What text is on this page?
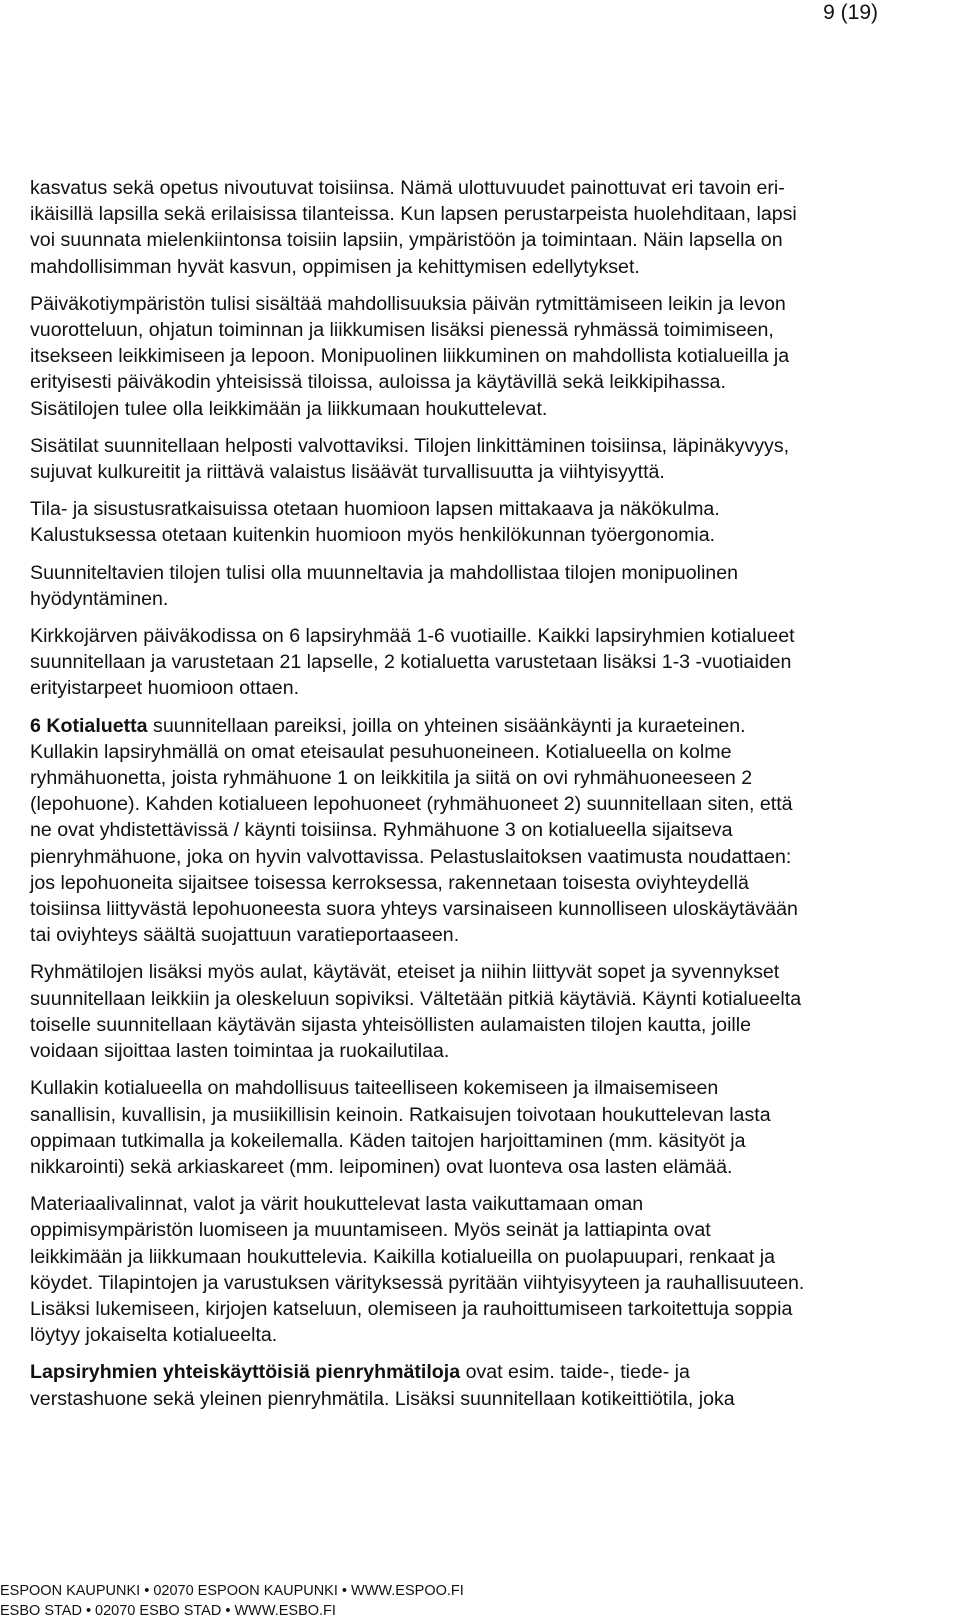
9 (19)

kasvatus sekä opetus nivoutuvat toisiinsa. Nämä ulottuvuudet painottuvat eri tavoin eri-
ikäisillä lapsilla sekä erilaisissa tilanteissa. Kun lapsen perustarpeista huolehditaan, lapsi
voi suunnata mielenkiintonsa toisiin lapsiin, ympäristöön ja toimintaan. Näin lapsella on
mahdollisimman hyvät kasvun, oppimisen ja kehittymisen edellytykset.

Päiväkotiympäristön tulisi sisältää mahdollisuuksia päivän rytmittämiseen leikin ja levon
vuorotteluun, ohjatun toiminnan ja liikkumisen lisäksi pienessä ryhmässä toimimiseen,
itsekseen leikkimiseen ja lepoon. Monipuolinen liikkuminen on mahdollista kotialueilla ja
erityisesti päiväkodin yhteisissä tiloissa, auloissa ja käytävillä sekä leikkipihassa.
Sisätilojen tulee olla leikkimään ja liikkumaan houkuttelevat.

Sisätilat suunnitellaan helposti valvottaviksi. Tilojen linkittäminen toisiinsa, läpinäkyvyys,
sujuvat kulkureitit ja riittävä valaistus lisäävät turvallisuutta ja viihtyisyyttä.

Tila- ja sisustusratkaisuissa otetaan huomioon lapsen mittakaava ja näkökulma.
Kalustuksessa otetaan kuitenkin huomioon myös henkilökunnan työergonomia.

Suunniteltavien tilojen tulisi olla muunneltavia ja mahdollistaa tilojen monipuolinen
hyödyntäminen.

Kirkkojärven päiväkodissa on 6 lapsiryhmää 1-6 vuotiaille. Kaikki lapsiryhmien kotialueet
suunnitellaan ja varustetaan 21 lapselle, 2 kotialuetta varustetaan lisäksi 1-3 -vuotiaiden
erityistarpeet huomioon ottaen.

6 Kotialuetta suunnitellaan pareiksi, joilla on yhteinen sisäänkäynti ja kuraeteinen.
Kullakin lapsiryhmällä on omat eteisaulat pesuhuoneineen. Kotialueella on kolme
ryhmähuonetta, joista ryhmähuone 1 on leikkitila ja siitä on ovi ryhmähuoneeseen 2
(lepohuone). Kahden kotialueen lepohuoneet (ryhmähuoneet 2) suunnitellaan siten, että
ne ovat yhdistettävissä / käynti toisiinsa. Ryhmähuone 3 on kotialueella sijaitseva
pienryhmähuone, joka on hyvin valvottavissa. Pelastuslaitoksen vaatimusta noudattaen:
jos lepohuoneita sijaitsee toisessa kerroksessa, rakennetaan toisesta oviyhteydellä
toisiinsa liittyvästä lepohuoneesta suora yhteys varsinaiseen kunnolliseen uloskäytävään
tai oviyhteys säältä suojattuun varatieportaaseen.

Ryhmätilojen lisäksi myös aulat, käytävät, eteiset ja niihin liittyvät sopet ja syvennykset
suunnitellaan leikkiin ja oleskeluun sopiviksi. Vältetään pitkiä käytäviä. Käynti kotialueelta
toiselle suunnitellaan käytävän sijasta yhteisöllisten aulamaisten tilojen kautta, joille
voidaan sijoittaa lasten toimintaa ja ruokailutilaa.

Kullakin kotialueella on mahdollisuus taiteelliseen kokemiseen ja ilmaisemiseen
sanallisin, kuvallisin, ja musiikillisin keinoin. Ratkaisujen toivotaan houkuttelevan lasta
oppimaan tutkimalla ja kokeilemalla. Käden taitojen harjoittaminen (mm. käsityöt ja
nikkarointi) sekä arkiaskareet (mm. leipominen) ovat luonteva osa lasten elämää.

Materiaalivalinnat, valot ja värit houkuttelevat lasta vaikuttamaan oman
oppimisympäristön luomiseen ja muuntamiseen. Myös seinät ja lattiapinta ovat
leikkimään ja liikkumaan houkuttelevia. Kaikilla kotialueilla on puolapuupari, renkaat ja
köydet. Tilapintojen ja varustuksen värityksessä pyritään viihtyisyyteen ja rauhallisuuteen.
Lisäksi lukemiseen, kirjojen katseluun, olemiseen ja rauhoittumiseen tarkoitettuja soppia
löytyy jokaiselta kotialueelta.

Lapsiryhmien yhteiskäyttöisiä pienryhmätiloja ovat esim. taide-, tiede- ja
verstashuone sekä yleinen pienryhmätila. Lisäksi suunnitellaan kotikeittiötila, joka

ESPOON KAUPUNKI • 02070 ESPOON KAUPUNKI • WWW.ESPOO.FI
ESBO STAD • 02070 ESBO STAD • WWW.ESBO.FI
